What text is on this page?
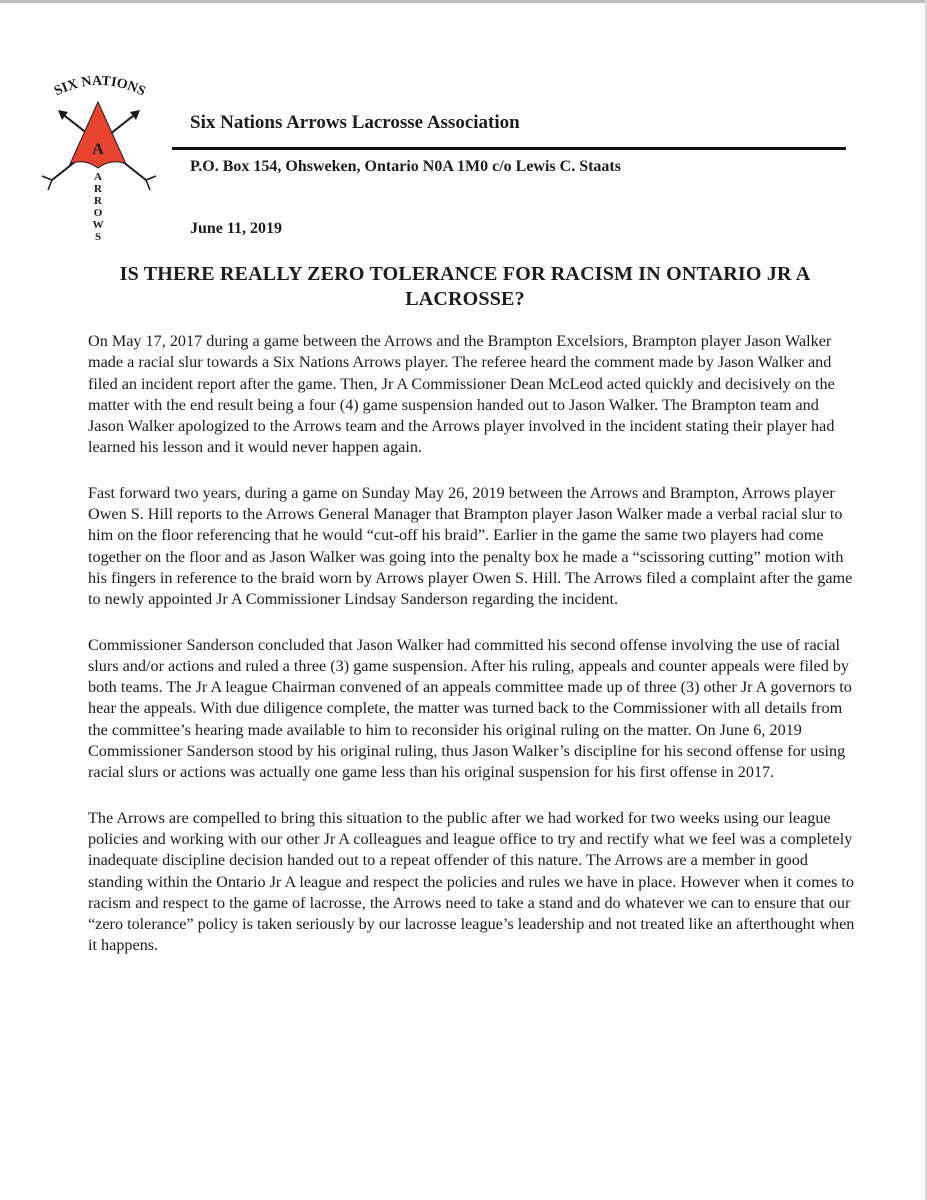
SIX NATIONS
A
A
R
R
O
W
S
Six Nations Arrows Lacrosse Association
P.O. Box 154, Ohsweken, Ontario N0A 1M0 c/o Lewis C. Staats
June 11, 2019
IS THERE REALLY ZERO TOLERANCE FOR RACISM IN ONTARIO JR A LACROSSE?

On May 17, 2017 during a game between the Arrows and the Brampton Excelsiors, Brampton player Jason Walker made a racial slur towards a Six Nations Arrows player. The referee heard the comment made by Jason Walker and filed an incident report after the game. Then, Jr A Commissioner Dean McLeod acted quickly and decisively on the matter with the end result being a four (4) game suspension handed out to Jason Walker. The Brampton team and Jason Walker apologized to the Arrows team and the Arrows player involved in the incident stating their player had learned his lesson and it would never happen again.

Fast forward two years, during a game on Sunday May 26, 2019 between the Arrows and Brampton, Arrows player Owen S. Hill reports to the Arrows General Manager that Brampton player Jason Walker made a verbal racial slur to him on the floor referencing that he would “cut-off his braid”. Earlier in the game the same two players had come together on the floor and as Jason Walker was going into the penalty box he made a “scissoring cutting” motion with his fingers in reference to the braid worn by Arrows player Owen S. Hill. The Arrows filed a complaint after the game to newly appointed Jr A Commissioner Lindsay Sanderson regarding the incident.

Commissioner Sanderson concluded that Jason Walker had committed his second offense involving the use of racial slurs and/or actions and ruled a three (3) game suspension. After his ruling, appeals and counter appeals were filed by both teams. The Jr A league Chairman convened of an appeals committee made up of three (3) other Jr A governors to hear the appeals. With due diligence complete, the matter was turned back to the Commissioner with all details from the committee’s hearing made available to him to reconsider his original ruling on the matter. On June 6, 2019 Commissioner Sanderson stood by his original ruling, thus Jason Walker’s discipline for his second offense for using racial slurs or actions was actually one game less than his original suspension for his first offense in 2017.

The Arrows are compelled to bring this situation to the public after we had worked for two weeks using our league policies and working with our other Jr A colleagues and league office to try and rectify what we feel was a completely inadequate discipline decision handed out to a repeat offender of this nature. The Arrows are a member in good standing within the Ontario Jr A league and respect the policies and rules we have in place. However when it comes to racism and respect to the game of lacrosse, the Arrows need to take a stand and do whatever we can to ensure that our “zero tolerance” policy is taken seriously by our lacrosse league’s leadership and not treated like an afterthought when it happens.
